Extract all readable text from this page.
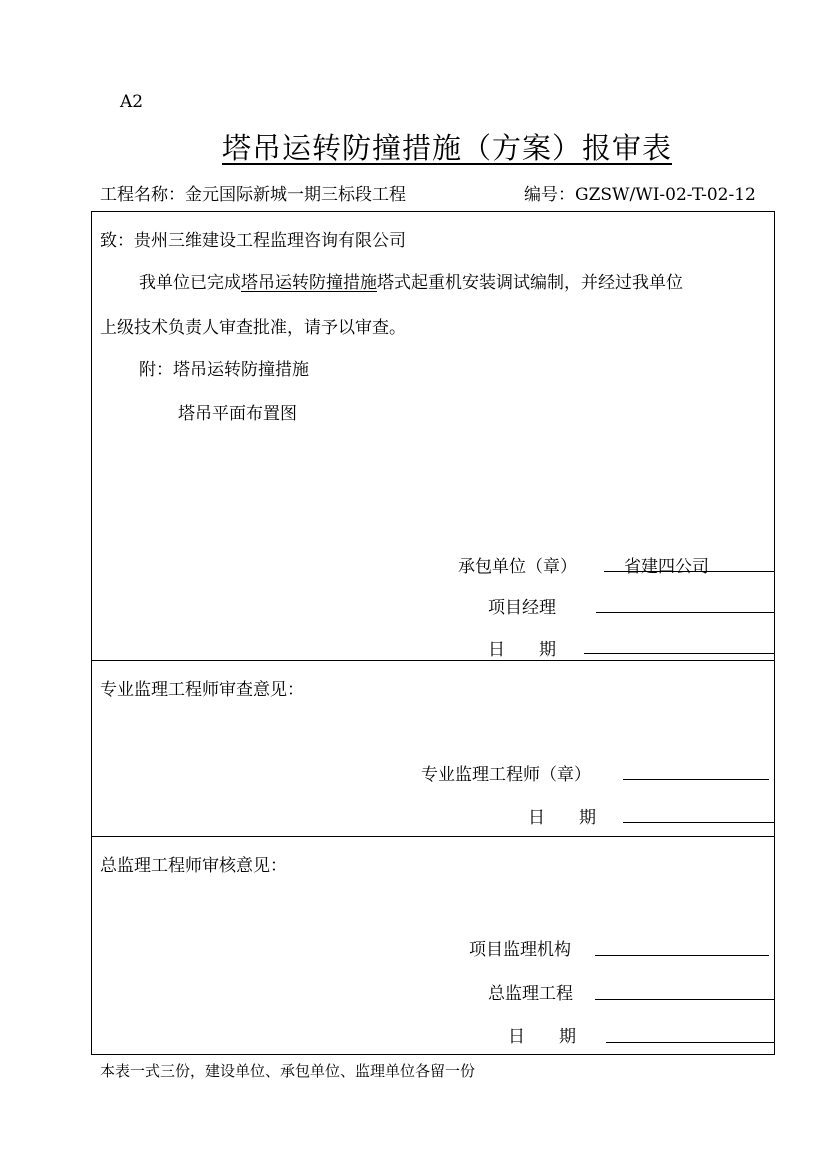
A2
塔吊运转防撞措施（方案）报审表
工程名称：金元国际新城一期三标段工程	编号：GZSW/WI-02-T-02-12
致：贵州三维建设工程监理咨询有限公司
我单位已完成塔吊运转防撞措施塔式起重机安装调试编制，并经过我单位
上级技术负责人审查批准，请予以审查。
附：塔吊运转防撞措施
塔吊平面布置图
承包单位（章）	省建四公司
项目经理
日　　期
专业监理工程师审查意见：
专业监理工程师（章）
日　　期
总监理工程师审核意见：
项目监理机构
总监理工程
日　　期
本表一式三份，建设单位、承包单位、监理单位各留一份
